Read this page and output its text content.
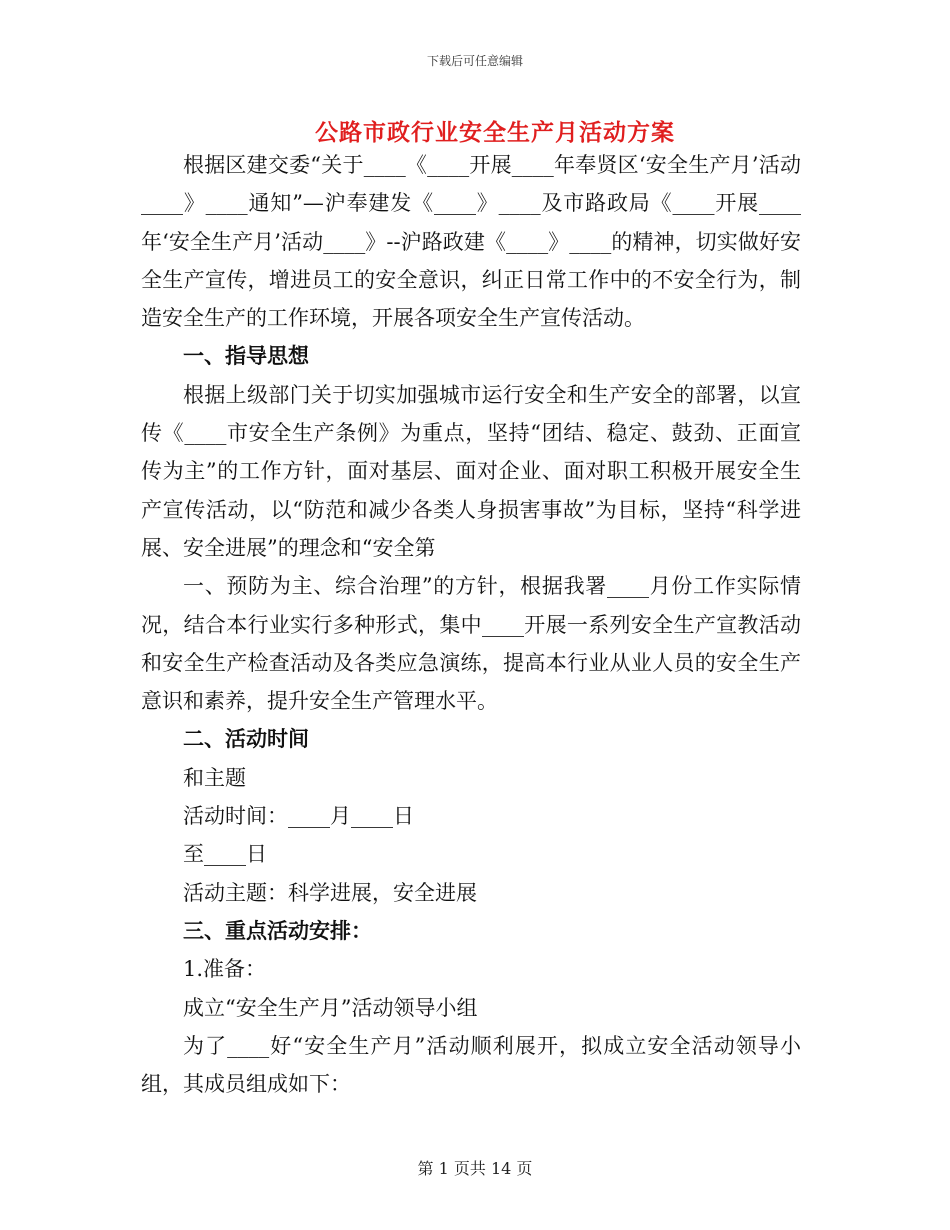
下载后可任意编辑
公路市政行业安全生产月活动方案

根据区建交委“关于____《____开展____年奉贤区‘安全生产月’活动____》____通知”—沪奉建发《____》____及市路政局《____开展____年‘安全生产月’活动____》--沪路政建《____》____的精神，切实做好安全生产宣传，增进员工的安全意识，纠正日常工作中的不安全行为，制造安全生产的工作环境，开展各项安全生产宣传活动。

一、指导思想

根据上级部门关于切实加强城市运行安全和生产安全的部署，以宣传《____市安全生产条例》为重点，坚持“团结、稳定、鼓劲、正面宣传为主”的工作方针，面对基层、面对企业、面对职工积极开展安全生产宣传活动，以“防范和减少各类人身损害事故”为目标，坚持“科学进展、安全进展”的理念和“安全第

一、预防为主、综合治理”的方针，根据我署____月份工作实际情况，结合本行业实行多种形式，集中____开展一系列安全生产宣教活动和安全生产检查活动及各类应急演练，提高本行业从业人员的安全生产意识和素养，提升安全生产管理水平。

二、活动时间

和主题

活动时间：____月____日

至____日

活动主题：科学进展，安全进展

三、重点活动安排：

1.准备：

成立“安全生产月”活动领导小组

为了____好“安全生产月”活动顺利展开，拟成立安全活动领导小组，其成员组成如下：

第 1 页共 14 页
